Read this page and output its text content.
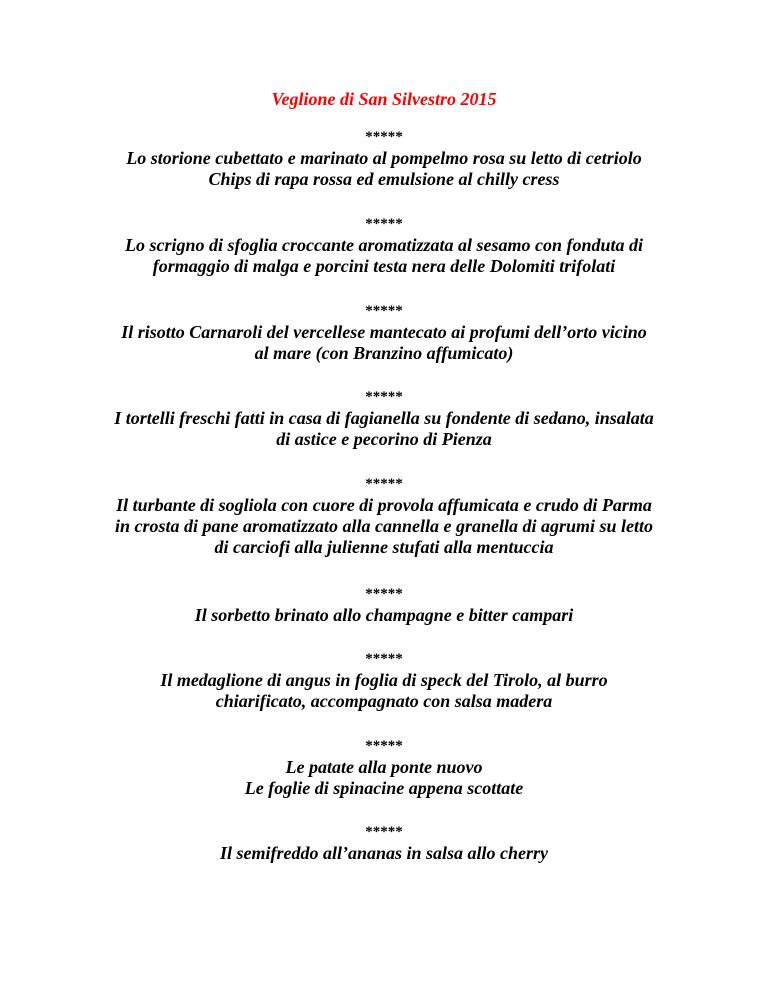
Veglione di San Silvestro 2015
*****
Lo storione cubettato e marinato al pompelmo rosa su letto di cetriolo
Chips di rapa rossa ed emulsione al chilly cress
*****
Lo scrigno di sfoglia croccante aromatizzata al sesamo con fonduta di
formaggio di malga e porcini testa nera delle Dolomiti trifolati
*****
Il risotto Carnaroli del vercellese mantecato ai profumi dell’orto vicino
al mare (con Branzino affumicato)
*****
I tortelli freschi fatti in casa di fagianella su fondente di sedano, insalata
di astice e pecorino di Pienza
*****
Il turbante di sogliola con cuore di provola affumicata e crudo di Parma
in crosta di pane aromatizzato alla cannella e granella di agrumi su letto
di carciofi alla julienne stufati alla mentuccia
*****
Il sorbetto brinato allo champagne e bitter campari
*****
Il medaglione di angus in foglia di speck del Tirolo, al burro
chiarificato, accompagnato con salsa madera
*****
Le patate alla ponte nuovo
Le foglie di spinacine appena scottate
*****
Il semifreddo all’ananas in salsa allo cherry
